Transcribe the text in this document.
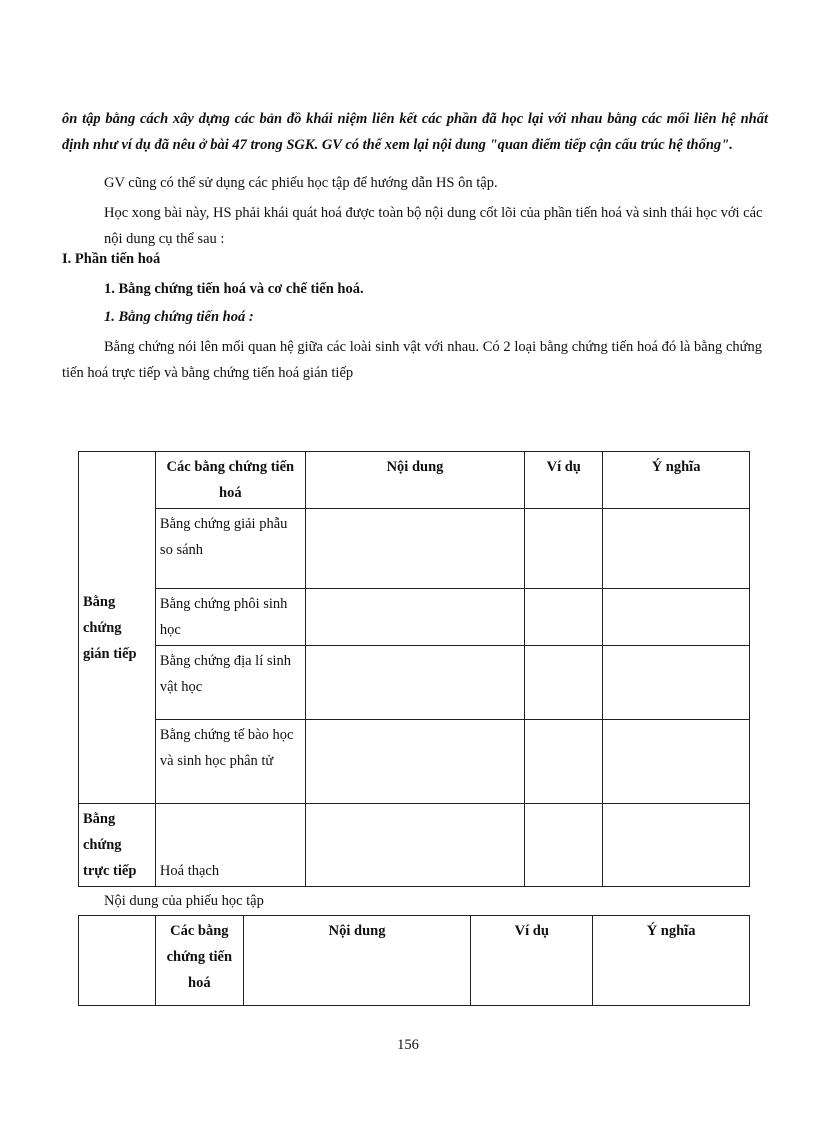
ôn tập bằng cách xây dựng các bản đồ khái niệm liên kết các phần đã học lại với nhau bằng các mối liên hệ nhất định như ví dụ đã nêu ở bài 47 trong SGK. GV có thể xem lại nội dung "quan điểm tiếp cận cấu trúc hệ thống".
GV cũng có thể sử dụng các phiếu học tập để hướng dẫn HS ôn tập.
Học xong bài này, HS phải khái quát hoá được toàn bộ nội dung cốt lõi của phần tiến hoá và sinh thái học với các nội dung cụ thể sau :
I. Phần tiến hoá
1. Bằng chứng tiến hoá và cơ chế tiến hoá.
1. Bằng chứng tiến hoá :
Bằng chứng nói lên mối quan hệ giữa các loài sinh vật với nhau. Có 2 loại bằng chứng tiến hoá đó là bằng chứng tiến hoá trực tiếp và bằng chứng tiến hoá gián tiếp
Bằng chứng gián tiếp	Các bằng chứng tiến hoá	Nội dung	Ví dụ	Ý nghĩa
	Bằng chứng giải phẫu so sánh			
	Bằng chứng phôi sinh học			
	Bằng chứng địa lí sinh vật học			
	Bằng chứng tế bào học và sinh học phân tử			
Bằng chứng trực tiếp	Hoá thạch			
Nội dung của phiếu học tập
	Các bằng chứng tiến hoá	Nội dung	Ví dụ	Ý nghĩa
156
